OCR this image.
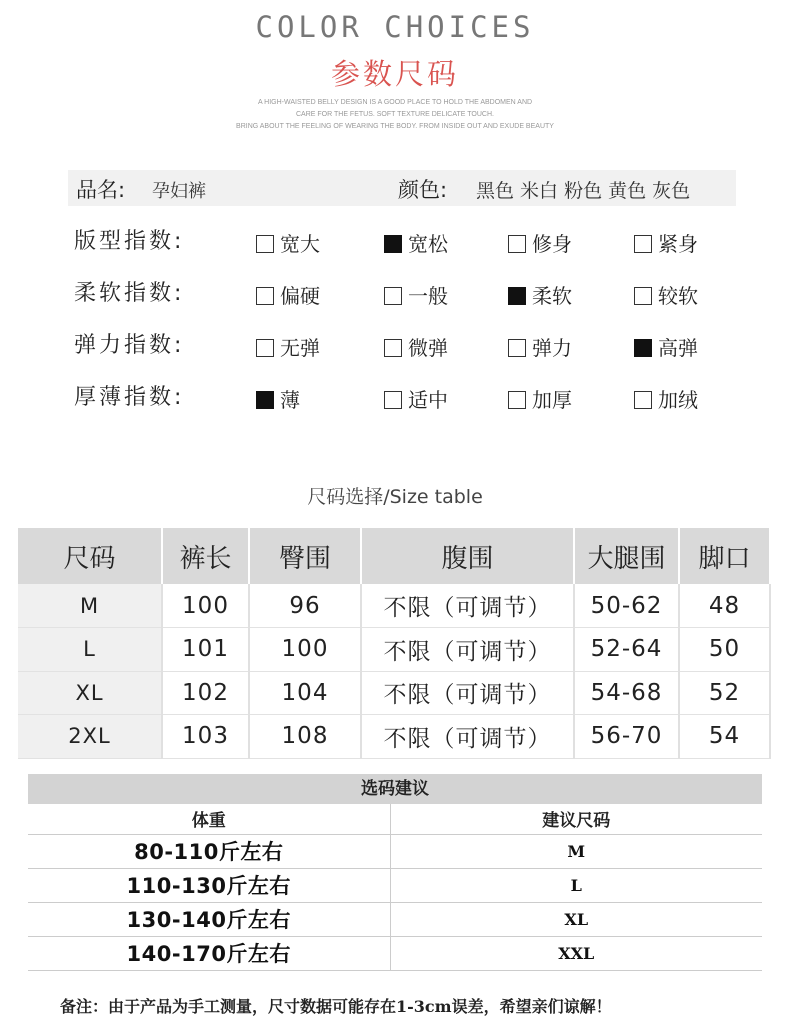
COLOR CHOICES
参数尺码
A HIGH-WAISTED BELLY DESIGN IS A GOOD PLACE TO HOLD THE ABDOMEN AND
CARE FOR THE FETUS. SOFT TEXTURE DELICATE TOUCH.
BRING ABOUT THE FEELING OF WEARING THE BODY. FROM INSIDE OUT AND EXUDE BEAUTY
品名: 孕妇裤	颜色: 黑色 米白 粉色 黄色 灰色
版型指数:	宽大	宽松	修身	紧身
柔软指数:	偏硬	一般	柔软	较软
弹力指数:	无弹	微弹	弹力	高弹
厚薄指数:	薄	适中	加厚	加绒
尺码选择/Size table
尺码	裤长	臀围	腹围	大腿围	脚口
M	100	96	不限（可调节）	50-62	48
L	101	100	不限（可调节）	52-64	50
XL	102	104	不限（可调节）	54-68	52
2XL	103	108	不限（可调节）	56-70	54
选码建议
体重	建议尺码
80-110斤左右	M
110-130斤左右	L
130-140斤左右	XL
140-170斤左右	XXL
备注：由于产品为手工测量，尺寸数据可能存在1-3cm误差，希望亲们谅解！
